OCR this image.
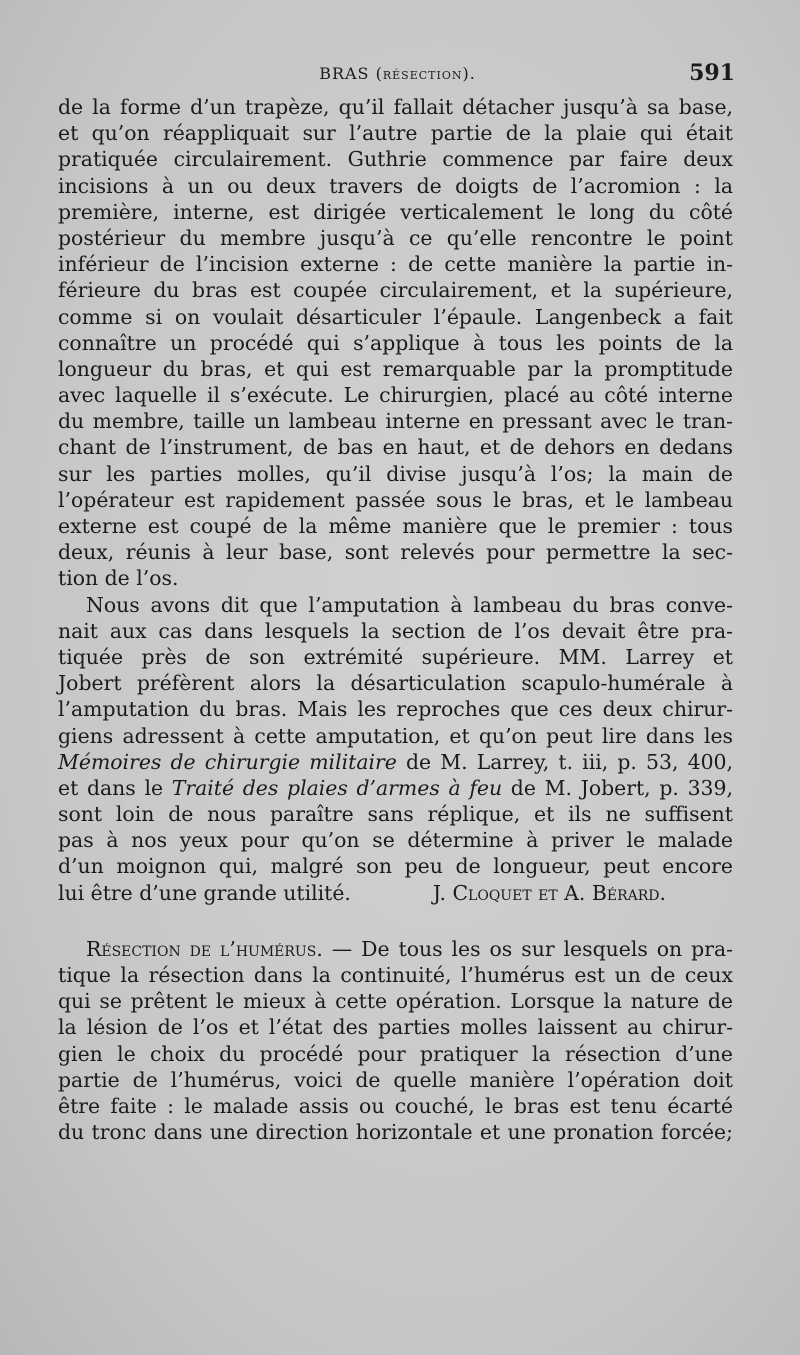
BRAS (résection).	591
de la forme d’un trapèze, qu’il fallait détacher jusqu’à sa base,
et qu’on réappliquait sur l’autre partie de la plaie qui était
pratiquée circulairement. Guthrie commence par faire deux
incisions à un ou deux travers de doigts de l’acromion : la
première, interne, est dirigée verticalement le long du côté
postérieur du membre jusqu’à ce qu’elle rencontre le point
inférieur de l’incision externe : de cette manière la partie in-
férieure du bras est coupée circulairement, et la supérieure,
comme si on voulait désarticuler l’épaule. Langenbeck a fait
connaître un procédé qui s’applique à tous les points de la
longueur du bras, et qui est remarquable par la promptitude
avec laquelle il s’exécute. Le chirurgien, placé au côté interne
du membre, taille un lambeau interne en pressant avec le tran-
chant de l’instrument, de bas en haut, et de dehors en dedans
sur les parties molles, qu’il divise jusqu’à l’os; la main de
l’opérateur est rapidement passée sous le bras, et le lambeau
externe est coupé de la même manière que le premier : tous
deux, réunis à leur base, sont relevés pour permettre la sec-
tion de l’os.
Nous avons dit que l’amputation à lambeau du bras conve-
nait aux cas dans lesquels la section de l’os devait être pra-
tiquée près de son extrémité supérieure. MM. Larrey et
Jobert préfèrent alors la désarticulation scapulo-humérale à
l’amputation du bras. Mais les reproches que ces deux chirur-
giens adressent à cette amputation, et qu’on peut lire dans les
Mémoires de chirurgie militaire de M. Larrey, t. iii, p. 53, 400,
et dans le Traité des plaies d’armes à feu de M. Jobert, p. 339,
sont loin de nous paraître sans réplique, et ils ne suffisent
pas à nos yeux pour qu’on se détermine à priver le malade
d’un moignon qui, malgré son peu de longueur, peut encore
lui être d’une grande utilité.	J. Cloquet et A. Bérard.
Résection de l’humérus. — De tous les os sur lesquels on pra-
tique la résection dans la continuité, l’humérus est un de ceux
qui se prêtent le mieux à cette opération. Lorsque la nature de
la lésion de l’os et l’état des parties molles laissent au chirur-
gien le choix du procédé pour pratiquer la résection d’une
partie de l’humérus, voici de quelle manière l’opération doit
être faite : le malade assis ou couché, le bras est tenu écarté
du tronc dans une direction horizontale et une pronation forcée;
